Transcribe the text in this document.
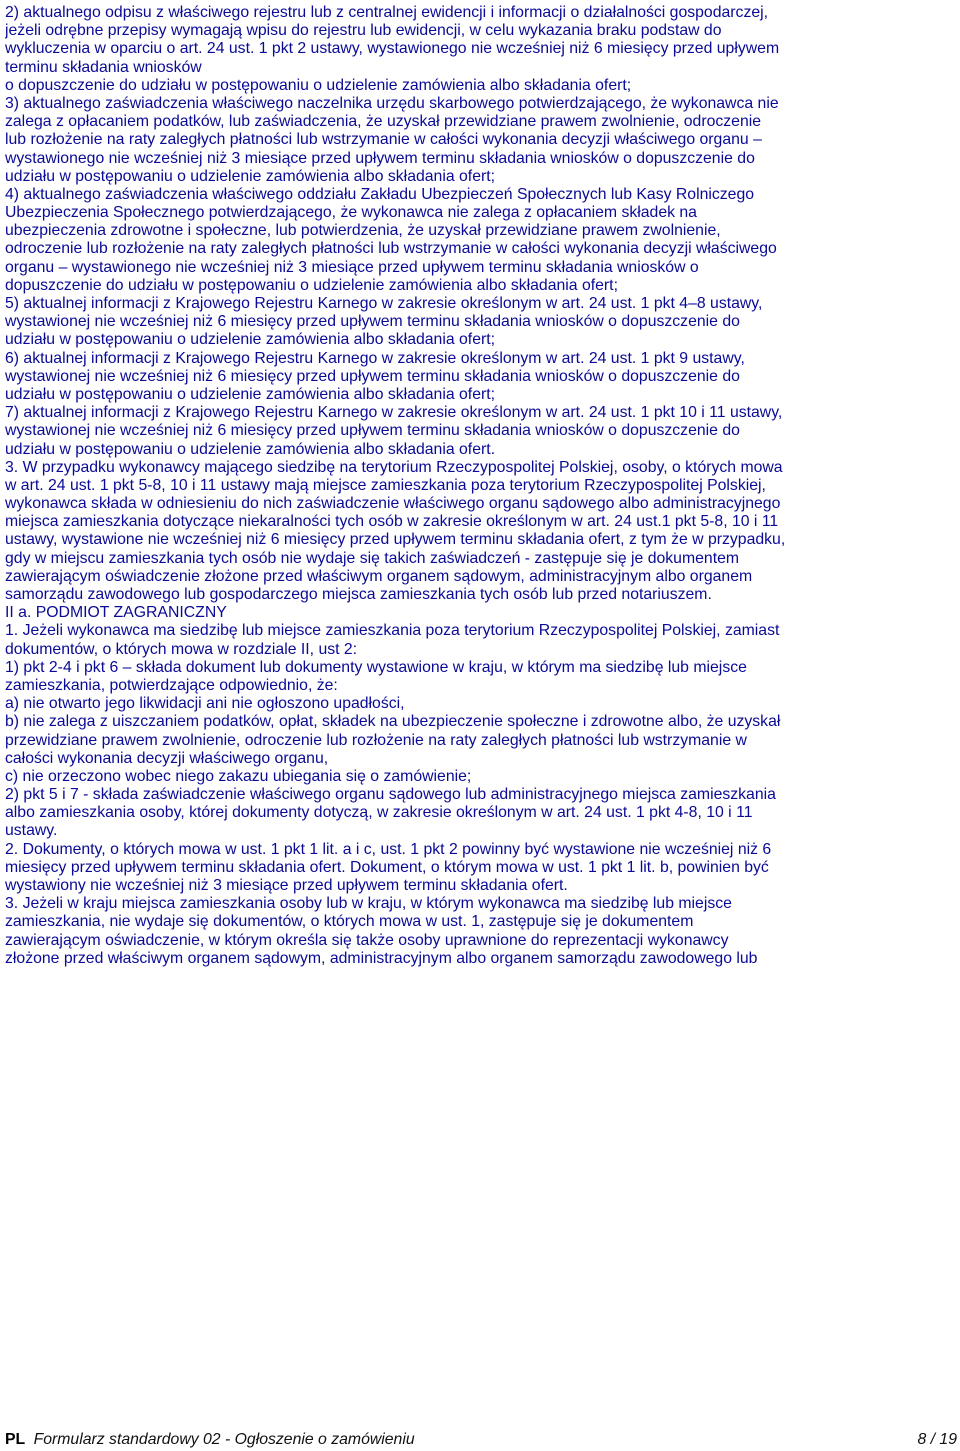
2) aktualnego odpisu z właściwego rejestru lub z centralnej ewidencji i informacji o działalności gospodarczej,
jeżeli odrębne przepisy wymagają wpisu do rejestru lub ewidencji, w celu wykazania braku podstaw do
wykluczenia w oparciu o art. 24 ust. 1 pkt 2 ustawy, wystawionego nie wcześniej niż 6 miesięcy przed upływem
terminu składania wniosków
o dopuszczenie do udziału w postępowaniu o udzielenie zamówienia albo składania ofert;
3) aktualnego zaświadczenia właściwego naczelnika urzędu skarbowego potwierdzającego, że wykonawca nie
zalega z opłacaniem podatków, lub zaświadczenia, że uzyskał przewidziane prawem zwolnienie, odroczenie
lub rozłożenie na raty zaległych płatności lub wstrzymanie w całości wykonania decyzji właściwego organu –
wystawionego nie wcześniej niż 3 miesiące przed upływem terminu składania wniosków o dopuszczenie do
udziału w postępowaniu o udzielenie zamówienia albo składania ofert;
4) aktualnego zaświadczenia właściwego oddziału Zakładu Ubezpieczeń Społecznych lub Kasy Rolniczego
Ubezpieczenia Społecznego potwierdzającego, że wykonawca nie zalega z opłacaniem składek na
ubezpieczenia zdrowotne i społeczne, lub potwierdzenia, że uzyskał przewidziane prawem zwolnienie,
odroczenie lub rozłożenie na raty zaległych płatności lub wstrzymanie w całości wykonania decyzji właściwego
organu – wystawionego nie wcześniej niż 3 miesiące przed upływem terminu składania wniosków o
dopuszczenie do udziału w postępowaniu o udzielenie zamówienia albo składania ofert;
5) aktualnej informacji z Krajowego Rejestru Karnego w zakresie określonym w art. 24 ust. 1 pkt 4–8 ustawy,
wystawionej nie wcześniej niż 6 miesięcy przed upływem terminu składania wniosków o dopuszczenie do
udziału w postępowaniu o udzielenie zamówienia albo składania ofert;
6) aktualnej informacji z Krajowego Rejestru Karnego w zakresie określonym w art. 24 ust. 1 pkt 9 ustawy,
wystawionej nie wcześniej niż 6 miesięcy przed upływem terminu składania wniosków o dopuszczenie do
udziału w postępowaniu o udzielenie zamówienia albo składania ofert;
7) aktualnej informacji z Krajowego Rejestru Karnego w zakresie określonym w art. 24 ust. 1 pkt 10 i 11 ustawy,
wystawionej nie wcześniej niż 6 miesięcy przed upływem terminu składania wniosków o dopuszczenie do
udziału w postępowaniu o udzielenie zamówienia albo składania ofert.
3. W przypadku wykonawcy mającego siedzibę na terytorium Rzeczypospolitej Polskiej, osoby, o których mowa
w art. 24 ust. 1 pkt 5-8, 10 i 11 ustawy mają miejsce zamieszkania poza terytorium Rzeczypospolitej Polskiej,
wykonawca składa w odniesieniu do nich zaświadczenie właściwego organu sądowego albo administracyjnego
miejsca zamieszkania dotyczące niekaralności tych osób w zakresie określonym w art. 24 ust.1 pkt 5-8, 10 i 11
ustawy, wystawione nie wcześniej niż 6 miesięcy przed upływem terminu składania ofert, z tym że w przypadku,
gdy w miejscu zamieszkania tych osób nie wydaje się takich zaświadczeń - zastępuje się je dokumentem
zawierającym oświadczenie złożone przed właściwym organem sądowym, administracyjnym albo organem
samorządu zawodowego lub gospodarczego miejsca zamieszkania tych osób lub przed notariuszem.
II a. PODMIOT ZAGRANICZNY
1. Jeżeli wykonawca ma siedzibę lub miejsce zamieszkania poza terytorium Rzeczypospolitej Polskiej, zamiast
dokumentów, o których mowa w rozdziale II, ust 2:
1) pkt 2-4 i pkt 6 – składa dokument lub dokumenty wystawione w kraju, w którym ma siedzibę lub miejsce
zamieszkania, potwierdzające odpowiednio, że:
a) nie otwarto jego likwidacji ani nie ogłoszono upadłości,
b) nie zalega z uiszczaniem podatków, opłat, składek na ubezpieczenie społeczne i zdrowotne albo, że uzyskał
przewidziane prawem zwolnienie, odroczenie lub rozłożenie na raty zaległych płatności lub wstrzymanie w
całości wykonania decyzji właściwego organu,
c) nie orzeczono wobec niego zakazu ubiegania się o zamówienie;
2) pkt 5 i 7 - składa zaświadczenie właściwego organu sądowego lub administracyjnego miejsca zamieszkania
albo zamieszkania osoby, której dokumenty dotyczą, w zakresie określonym w art. 24 ust. 1 pkt 4-8, 10 i 11
ustawy.
2. Dokumenty, o których mowa w ust. 1 pkt 1 lit. a i c, ust. 1 pkt 2 powinny być wystawione nie wcześniej niż 6
miesięcy przed upływem terminu składania ofert. Dokument, o którym mowa w ust. 1 pkt 1 lit. b, powinien być
wystawiony nie wcześniej niż 3 miesiące przed upływem terminu składania ofert.
3. Jeżeli w kraju miejsca zamieszkania osoby lub w kraju, w którym wykonawca ma siedzibę lub miejsce
zamieszkania, nie wydaje się dokumentów, o których mowa w ust. 1, zastępuje się je dokumentem
zawierającym oświadczenie, w którym określa się także osoby uprawnione do reprezentacji wykonawcy
złożone przed właściwym organem sądowym, administracyjnym albo organem samorządu zawodowego lub
PL Formularz standardowy 02 - Ogłoszenie o zamówieniu	8 / 19
